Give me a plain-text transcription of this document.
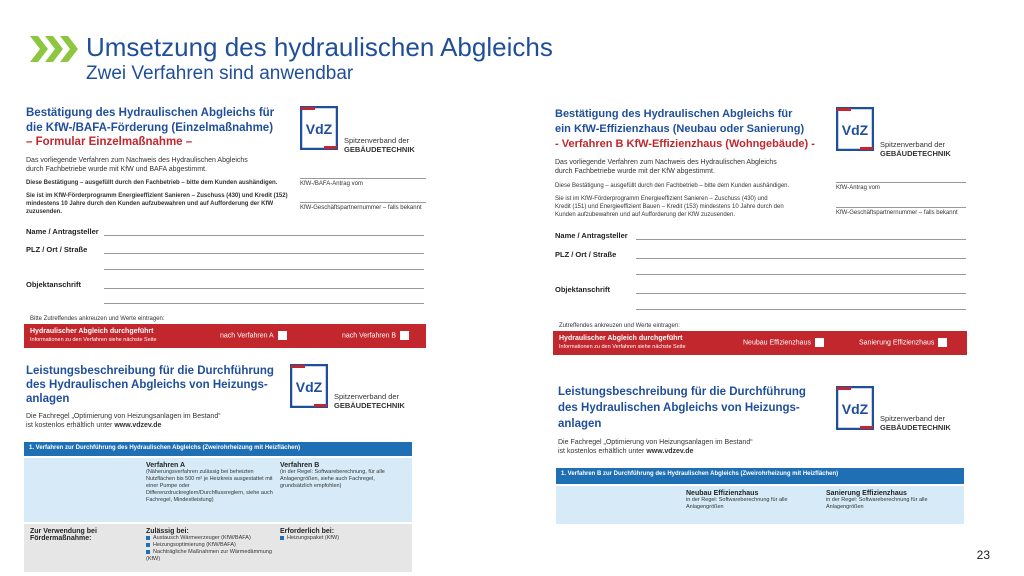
Umsetzung des hydraulischen Abgleichs
Zwei Verfahren sind anwendbar
Bestätigung des Hydraulischen Abgleichs für
die KfW-/BAFA-Förderung (Einzelmaßnahme)
– Formular Einzelmaßnahme –
Das vorliegende Verfahren zum Nachweis des Hydraulischen Abgleichs
durch Fachbetriebe wurde mit KfW und BAFA abgestimmt.
Diese Bestätigung – ausgefüllt durch den Fachbetrieb – bitte dem Kunden aushändigen.
Sie ist im KfW-Förderprogramm Energieeffizient Sanieren – Zuschuss (430) und Kredit (152)
mindestens 10 Jahre durch den Kunden aufzubewahren und auf Aufforderung der KfW
zuzusenden.
VdZ
Spitzenverband der
GEBÄUDETECHNIK
KfW-/BAFA-Antrag vom
KfW-Geschäftspartnernummer – falls bekannt
Name / Antragsteller
PLZ / Ort / Straße
Objektanschrift
Bitte Zutreffendes ankreuzen und Werte eintragen:
Hydraulischer Abgleich durchgeführt
Informationen zu den Verfahren siehe nächste Seite
nach Verfahren A	nach Verfahren B
Bestätigung des Hydraulischen Abgleichs für
ein KfW-Effizienzhaus (Neubau oder Sanierung)
- Verfahren B KfW-Effizienzhaus (Wohngebäude) -
Das vorliegende Verfahren zum Nachweis des Hydraulischen Abgleichs
durch Fachbetriebe wurde mit der KfW abgestimmt.
Diese Bestätigung – ausgefüllt durch den Fachbetrieb – bitte dem Kunden aushändigen.
Sie ist im KfW-Förderprogramm Energieeffizient Sanieren – Zuschuss (430) und
Kredit (151) und Energieeffizient Bauen – Kredit (153) mindestens 10 Jahre durch den
Kunden aufzubewahren und auf Aufforderung der KfW zuzusenden.
VdZ
Spitzenverband der
GEBÄUDETECHNIK
KfW-Antrag vom
KfW-Geschäftspartnernummer – falls bekannt
Name / Antragsteller
PLZ / Ort / Straße
Objektanschrift
Zutreffendes ankreuzen und Werte eintragen:
Hydraulischer Abgleich durchgeführt
Informationen zu den Verfahren siehe nächste Seite
Neubau Effizienzhaus	Sanierung Effizienzhaus
Leistungsbeschreibung für die Durchführung
des Hydraulischen Abgleichs von Heizungs-
anlagen
Die Fachregel „Optimierung von Heizungsanlagen im Bestand“
ist kostenlos erhältlich unter www.vdzev.de
VdZ
Spitzenverband der
GEBÄUDETECHNIK
1. Verfahren zur Durchführung des Hydraulischen Abgleichs (Zweirohrheizung mit Heizflächen)
Verfahren A
(Näherungsverfahren zulässig bei beheizten Nutzflächen bis 500 m² je Heizkreis ausgestattet mit einer Pumpe oder Differenzdruckreglern/Durchflussreglern, siehe auch Fachregel, Mindestleistung)
Verfahren B
(in der Regel: Softwareberechnung, für alle Anlagengrößen, siehe auch Fachregel, grundsätzlich empfohlen)
Zur Verwendung bei Fördermaßnahme:
Zulässig bei:
Austausch Wärmeerzeuger (KfW/BAFA)
Heizungsoptimierung (KfW/BAFA)
Nachträgliche Maßnahmen zur Wärmedämmung (KfW)
Erforderlich bei:
Heizungspaket (KfW)
Leistungsbeschreibung für die Durchführung
des Hydraulischen Abgleichs von Heizungs-
anlagen
Die Fachregel „Optimierung von Heizungsanlagen im Bestand“
ist kostenlos erhältlich unter www.vdzev.de
VdZ
Spitzenverband der
GEBÄUDETECHNIK
1. Verfahren B zur Durchführung des Hydraulischen Abgleichs (Zweirohrheizung mit Heizflächen)
Neubau Effizienzhaus
in der Regel: Softwareberechnung für alle Anlagengrößen
Sanierung Effizienzhaus
in der Regel: Softwareberechnung für alle Anlagengrößen
23
